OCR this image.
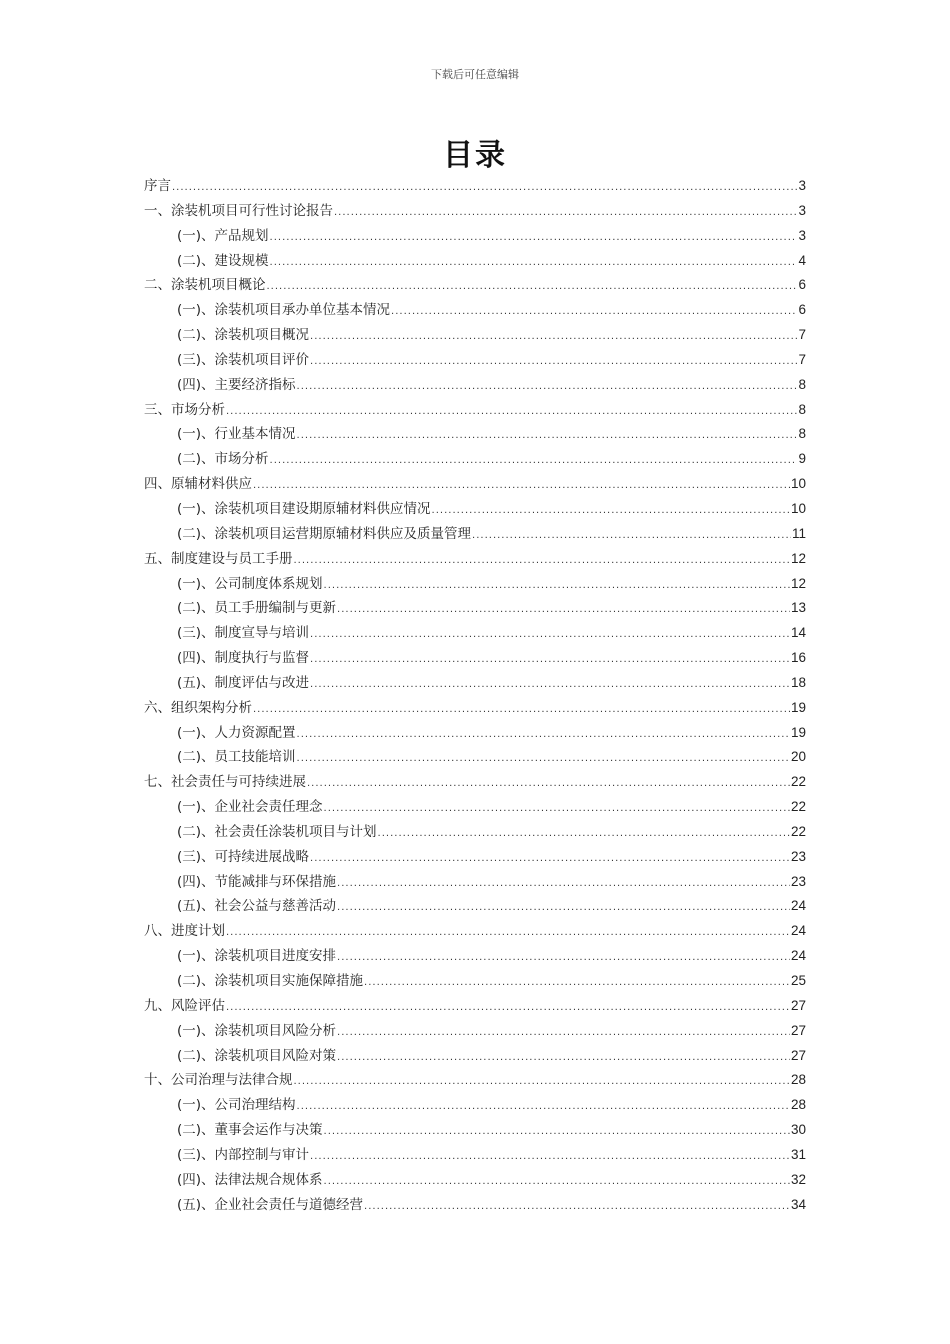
下载后可任意编辑
目录
序言 .....	3
一、涂装机项目可行性讨论报告 .....	3
(一)、产品规划 .....	3
(二)、建设规模 .....	4
二、涂装机项目概论 .....	6
(一)、涂装机项目承办单位基本情况 .....	6
(二)、涂装机项目概况 .....	7
(三)、涂装机项目评价 .....	7
(四)、主要经济指标 .....	8
三、市场分析 .....	8
(一)、行业基本情况 .....	8
(二)、市场分析 .....	9
四、原辅材料供应 .....	10
(一)、涂装机项目建设期原辅材料供应情况 .....	10
(二)、涂装机项目运营期原辅材料供应及质量管理 .....	11
五、制度建设与员工手册 .....	12
(一)、公司制度体系规划 .....	12
(二)、员工手册编制与更新 .....	13
(三)、制度宣导与培训 .....	14
(四)、制度执行与监督 .....	16
(五)、制度评估与改进 .....	18
六、组织架构分析 .....	19
(一)、人力资源配置 .....	19
(二)、员工技能培训 .....	20
七、社会责任与可持续进展 .....	22
(一)、企业社会责任理念 .....	22
(二)、社会责任涂装机项目与计划 .....	22
(三)、可持续进展战略 .....	23
(四)、节能减排与环保措施 .....	23
(五)、社会公益与慈善活动 .....	24
八、进度计划 .....	24
(一)、涂装机项目进度安排 .....	24
(二)、涂装机项目实施保障措施 .....	25
九、风险评估 .....	27
(一)、涂装机项目风险分析 .....	27
(二)、涂装机项目风险对策 .....	27
十、公司治理与法律合规 .....	28
(一)、公司治理结构 .....	28
(二)、董事会运作与决策 .....	30
(三)、内部控制与审计 .....	31
(四)、法律法规合规体系 .....	32
(五)、企业社会责任与道德经营 .....	34
